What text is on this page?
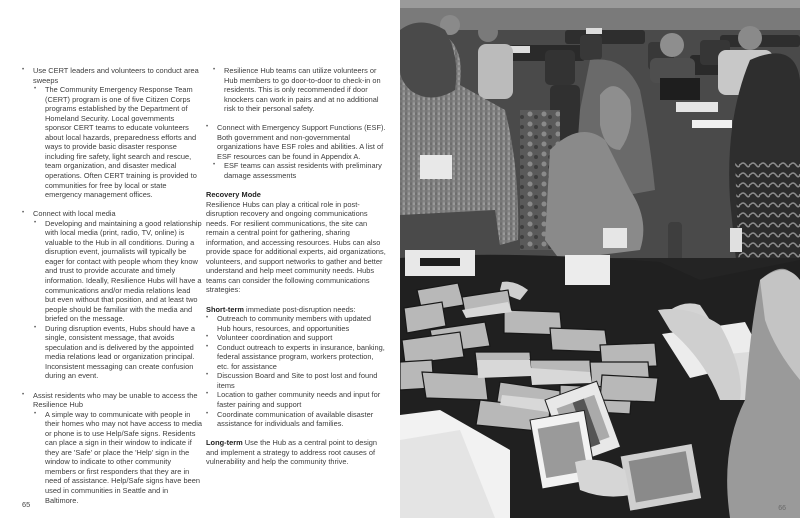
• Use CERT leaders and volunteers to conduct area sweeps
• The Community Emergency Response Team (CERT) program is one of five Citizen Corps programs established by the Department of Homeland Security. Local governments sponsor CERT teams to educate volunteers about local hazards, preparedness efforts and ways to provide basic disaster response including fire safety, light search and rescue, team organization, and disaster medical operations. Often CERT training is provided to communities for free by local or state emergency management offices.
• Connect with local media
• Developing and maintaining a good relationship with local media (print, radio, TV, online) is valuable to the Hub in all conditions. During a disruption event, journalists will typically be eager for contact with people whom they know and trust to provide accurate and timely information. Ideally, Resilience Hubs will have a communications and/or media relations lead but even without that position, and at least two people should be familiar with the media and briefed on the message.
• During disruption events, Hubs should have a single, consistent message, that avoids speculation and is delivered by the appointed media relations lead or organization principal. Inconsistent messaging can create confusion during an event.
• Assist residents who may be unable to access the Resilience Hub
• A simple way to communicate with people in their homes who may not have access to media or phone is to use Help/Safe signs. Residents can place a sign in their window to indicate if they are 'Safe' or place the 'Help' sign in the window to indicate to other community members or first responders that they are in need of assistance. Help/Safe signs have been used in communities in Seattle and in Baltimore.
• Resilience Hub teams can utilize volunteers or Hub members to go door-to-door to check-in on residents. This is only recommended if door knockers can work in pairs and at no additional risk to their personal safety.
• Connect with Emergency Support Functions (ESF). Both government and non-governmental organizations have ESF roles and abilities. A list of ESF resources can be found in Appendix A.
• ESF teams can assist residents with preliminary damage assessments
Recovery Mode
Resilience Hubs can play a critical role in post-disruption recovery and ongoing communications needs. For resilient communications, the site can remain a central point for gathering, sharing information, and accessing resources. Hubs can also provide space for additional experts, aid organizations, volunteers, and support networks to gather and better understand and help meet community needs. Hubs teams can consider the following communications strategies:
Short-term immediate post-disruption needs:
• Outreach to community members with updated Hub hours, resources, and opportunities
• Volunteer coordination and support
• Conduct outreach to experts in insurance, banking, federal assistance program, workers protection, etc. for assistance
• Discussion Board and Site to post lost and found items
• Location to gather community needs and input for faster pairing and support
• Coordinate communication of available disaster assistance for individuals and families.
Long-term Use the Hub as a central point to design and implement a strategy to address root causes of vulnerability and help the community thrive.
65	66
